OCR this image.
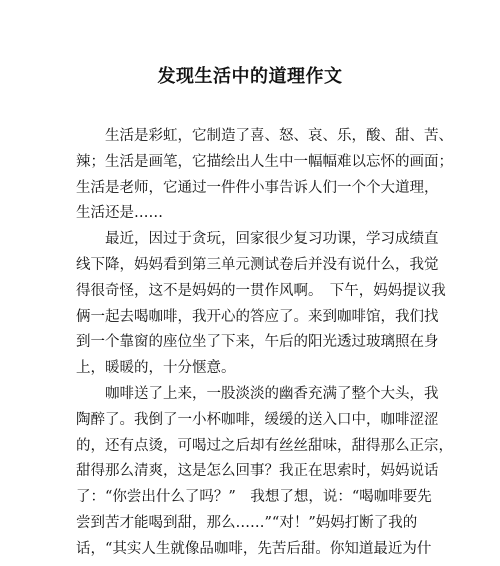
发现生活中的道理作文

生活是彩虹，它制造了喜、怒、哀、乐，酸、甜、苦、
辣；生活是画笔，它描绘出人生中一幅幅难以忘怀的画面；
生活是老师，它通过一件件小事告诉人们一个个大道理，
生活还是……

最近，因过于贪玩，回家很少复习功课，学习成绩直
线下降，妈妈看到第三单元测试卷后并没有说什么，我觉
得很奇怪，这不是妈妈的一贯作风啊。　下午，妈妈提议我
俩一起去喝咖啡，我开心的答应了。来到咖啡馆，我们找
到一个靠窗的座位坐了下来，午后的阳光透过玻璃照在身
上，暖暖的，十分惬意。

咖啡送了上来，一股淡淡的幽香充满了整个大头，我
陶醉了。我倒了一小杯咖啡，缓缓的送入口中，咖啡涩涩
的，还有点烫，可喝过之后却有丝丝甜味，甜得那么正宗，
甜得那么清爽，这是怎么回事？我正在思索时，妈妈说话
了：“你尝出什么了吗？”　我想了想，说：“喝咖啡要先
尝到苦才能喝到甜，那么……”“对！”妈妈打断了我的
话，“其实人生就像品咖啡，先苦后甜。你知道最近为什
